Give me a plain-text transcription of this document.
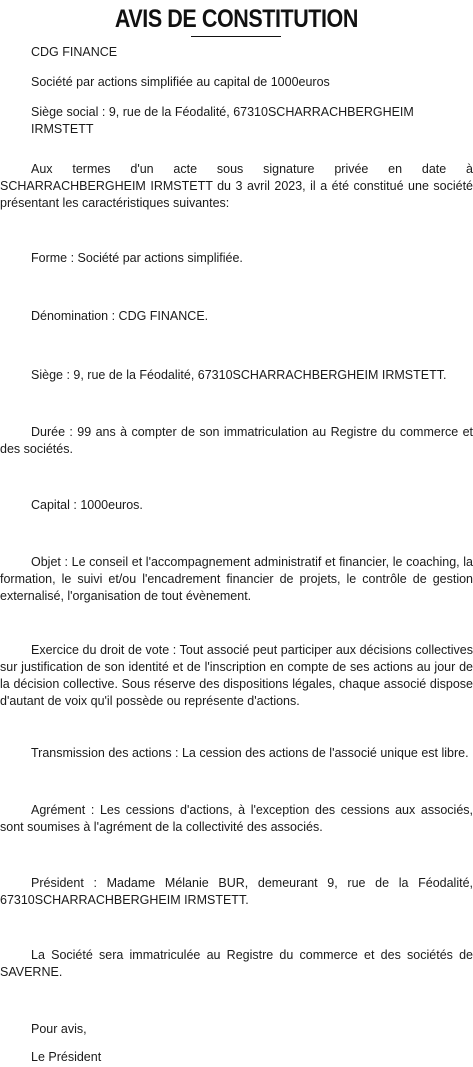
AVIS DE CONSTITUTION

CDG FINANCE

Société par actions simplifiée au capital de 1000euros

Siège social : 9, rue de la Féodalité, 67310SCHARRACHBERGHEIM IRMSTETT

Aux termes d'un acte sous signature privée en date à SCHARRACHBERGHEIM IRMSTETT du 3 avril 2023, il a été constitué une société présentant les caractéristiques suivantes:

Forme : Société par actions simplifiée.

Dénomination : CDG FINANCE.

Siège : 9, rue de la Féodalité, 67310SCHARRACHBERGHEIM IRMSTETT.

Durée : 99 ans à compter de son immatriculation au Registre du commerce et des sociétés.

Capital : 1000euros.

Objet : Le conseil et l'accompagnement administratif et financier, le coaching, la formation, le suivi et/ou l'encadrement financier de projets, le contrôle de gestion externalisé, l'organisation de tout évènement.

Exercice du droit de vote : Tout associé peut participer aux décisions collectives sur justification de son identité et de l'inscription en compte de ses actions au jour de la décision collective. Sous réserve des dispositions légales, chaque associé dispose d'autant de voix qu'il possède ou représente d'actions.

Transmission des actions : La cession des actions de l'associé unique est libre.

Agrément : Les cessions d'actions, à l'exception des cessions aux associés, sont soumises à l'agrément de la collectivité des associés.

Président : Madame Mélanie BUR, demeurant 9, rue de la Féodalité, 67310SCHARRACHBERGHEIM IRMSTETT.

La Société sera immatriculée au Registre du commerce et des sociétés de SAVERNE.

Pour avis,

Le Président
